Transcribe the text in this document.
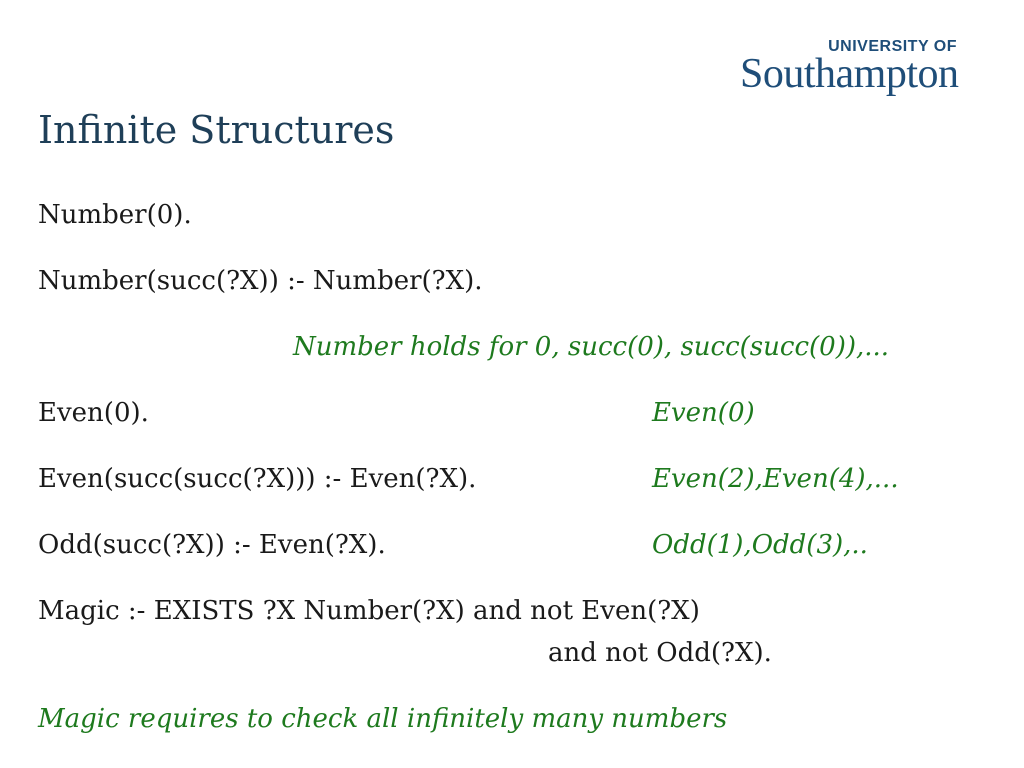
UNIVERSITY OF
Southampton
Infinite Structures
Number(0).
Number(succ(?X)) :- Number(?X).
Number holds for 0, succ(0), succ(succ(0)),...
Even(0).	Even(0)
Even(succ(succ(?X))) :- Even(?X).	Even(2),Even(4),...
Odd(succ(?X)) :- Even(?X).	Odd(1),Odd(3),..
Magic :- EXISTS ?X Number(?X) and not Even(?X)
and not Odd(?X).
Magic requires to check all infinitely many numbers
